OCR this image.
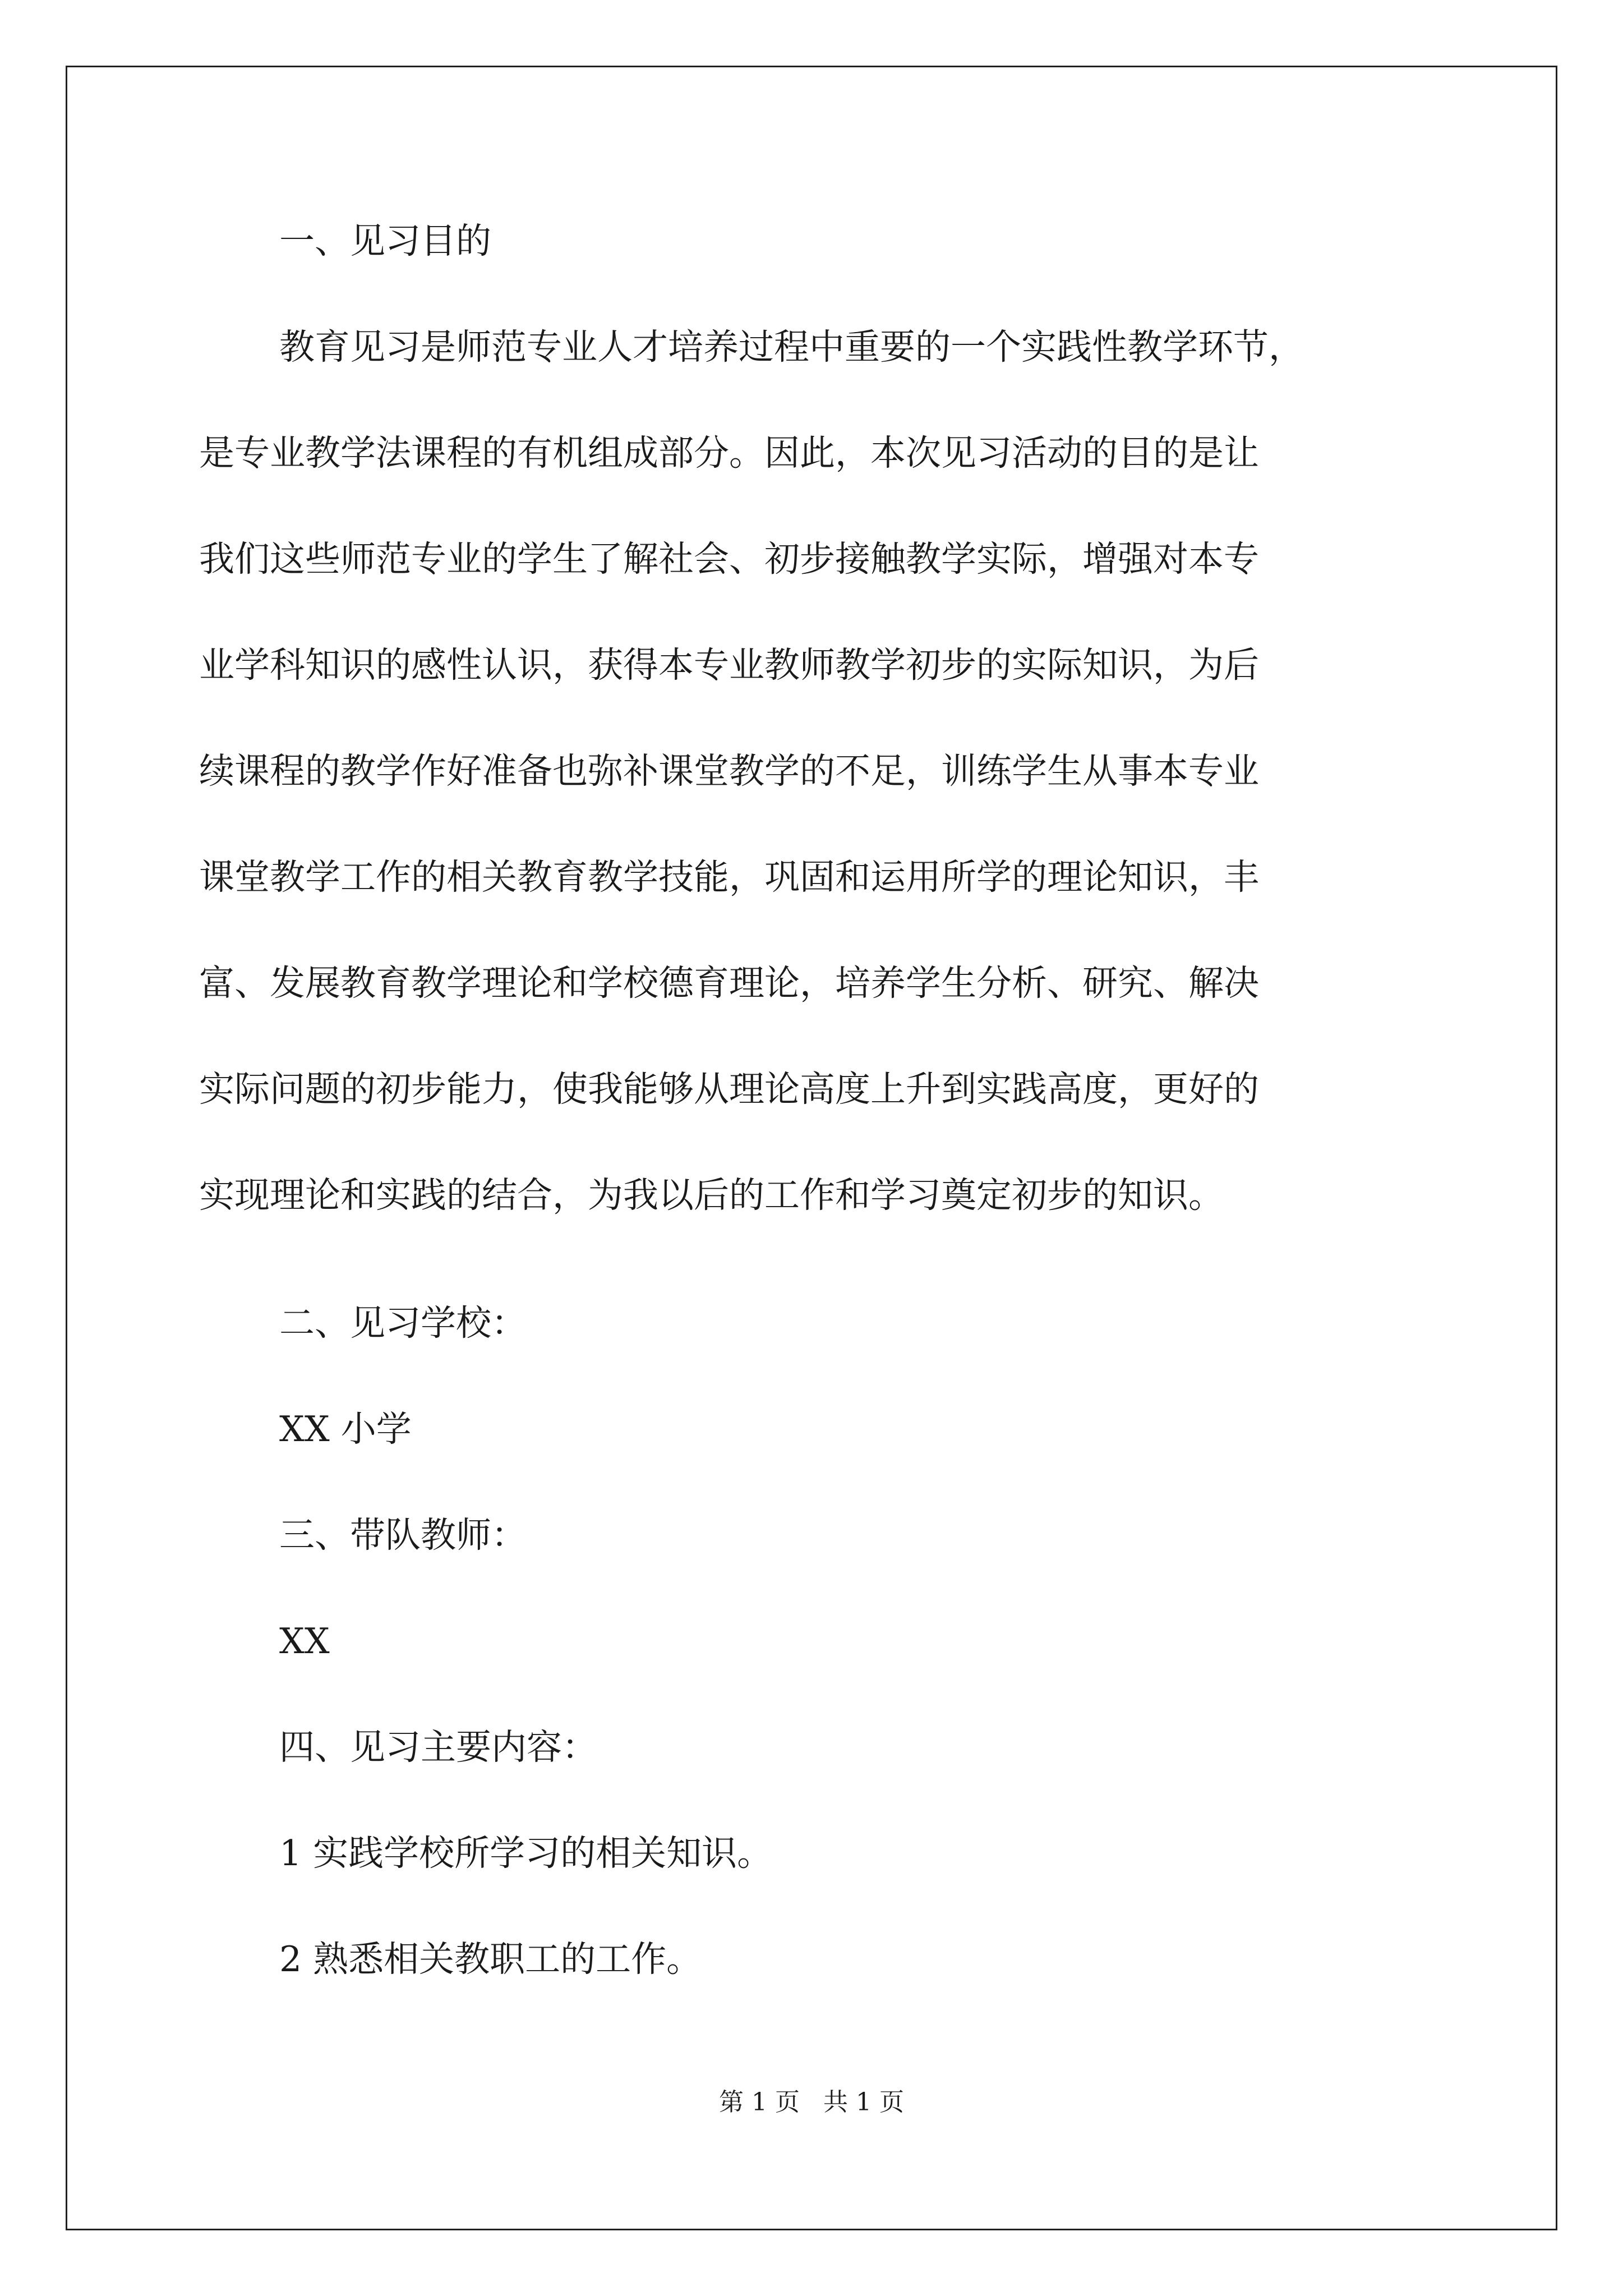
一、见习目的
教育见习是师范专业人才培养过程中重要的一个实践性教学环节，
是专业教学法课程的有机组成部分。因此，本次见习活动的目的是让
我们这些师范专业的学生了解社会、初步接触教学实际，增强对本专
业学科知识的感性认识，获得本专业教师教学初步的实际知识，为后
续课程的教学作好准备也弥补课堂教学的不足，训练学生从事本专业
课堂教学工作的相关教育教学技能，巩固和运用所学的理论知识，丰
富、发展教育教学理论和学校德育理论，培养学生分析、研究、解决
实际问题的初步能力，使我能够从理论高度上升到实践高度，更好的
实现理论和实践的结合，为我以后的工作和学习奠定初步的知识。
二、见习学校：
XX 小学
三、带队教师：
XX
四、见习主要内容：
1 实践学校所学习的相关知识。
2 熟悉相关教职工的工作。
第 1 页   共 1 页
